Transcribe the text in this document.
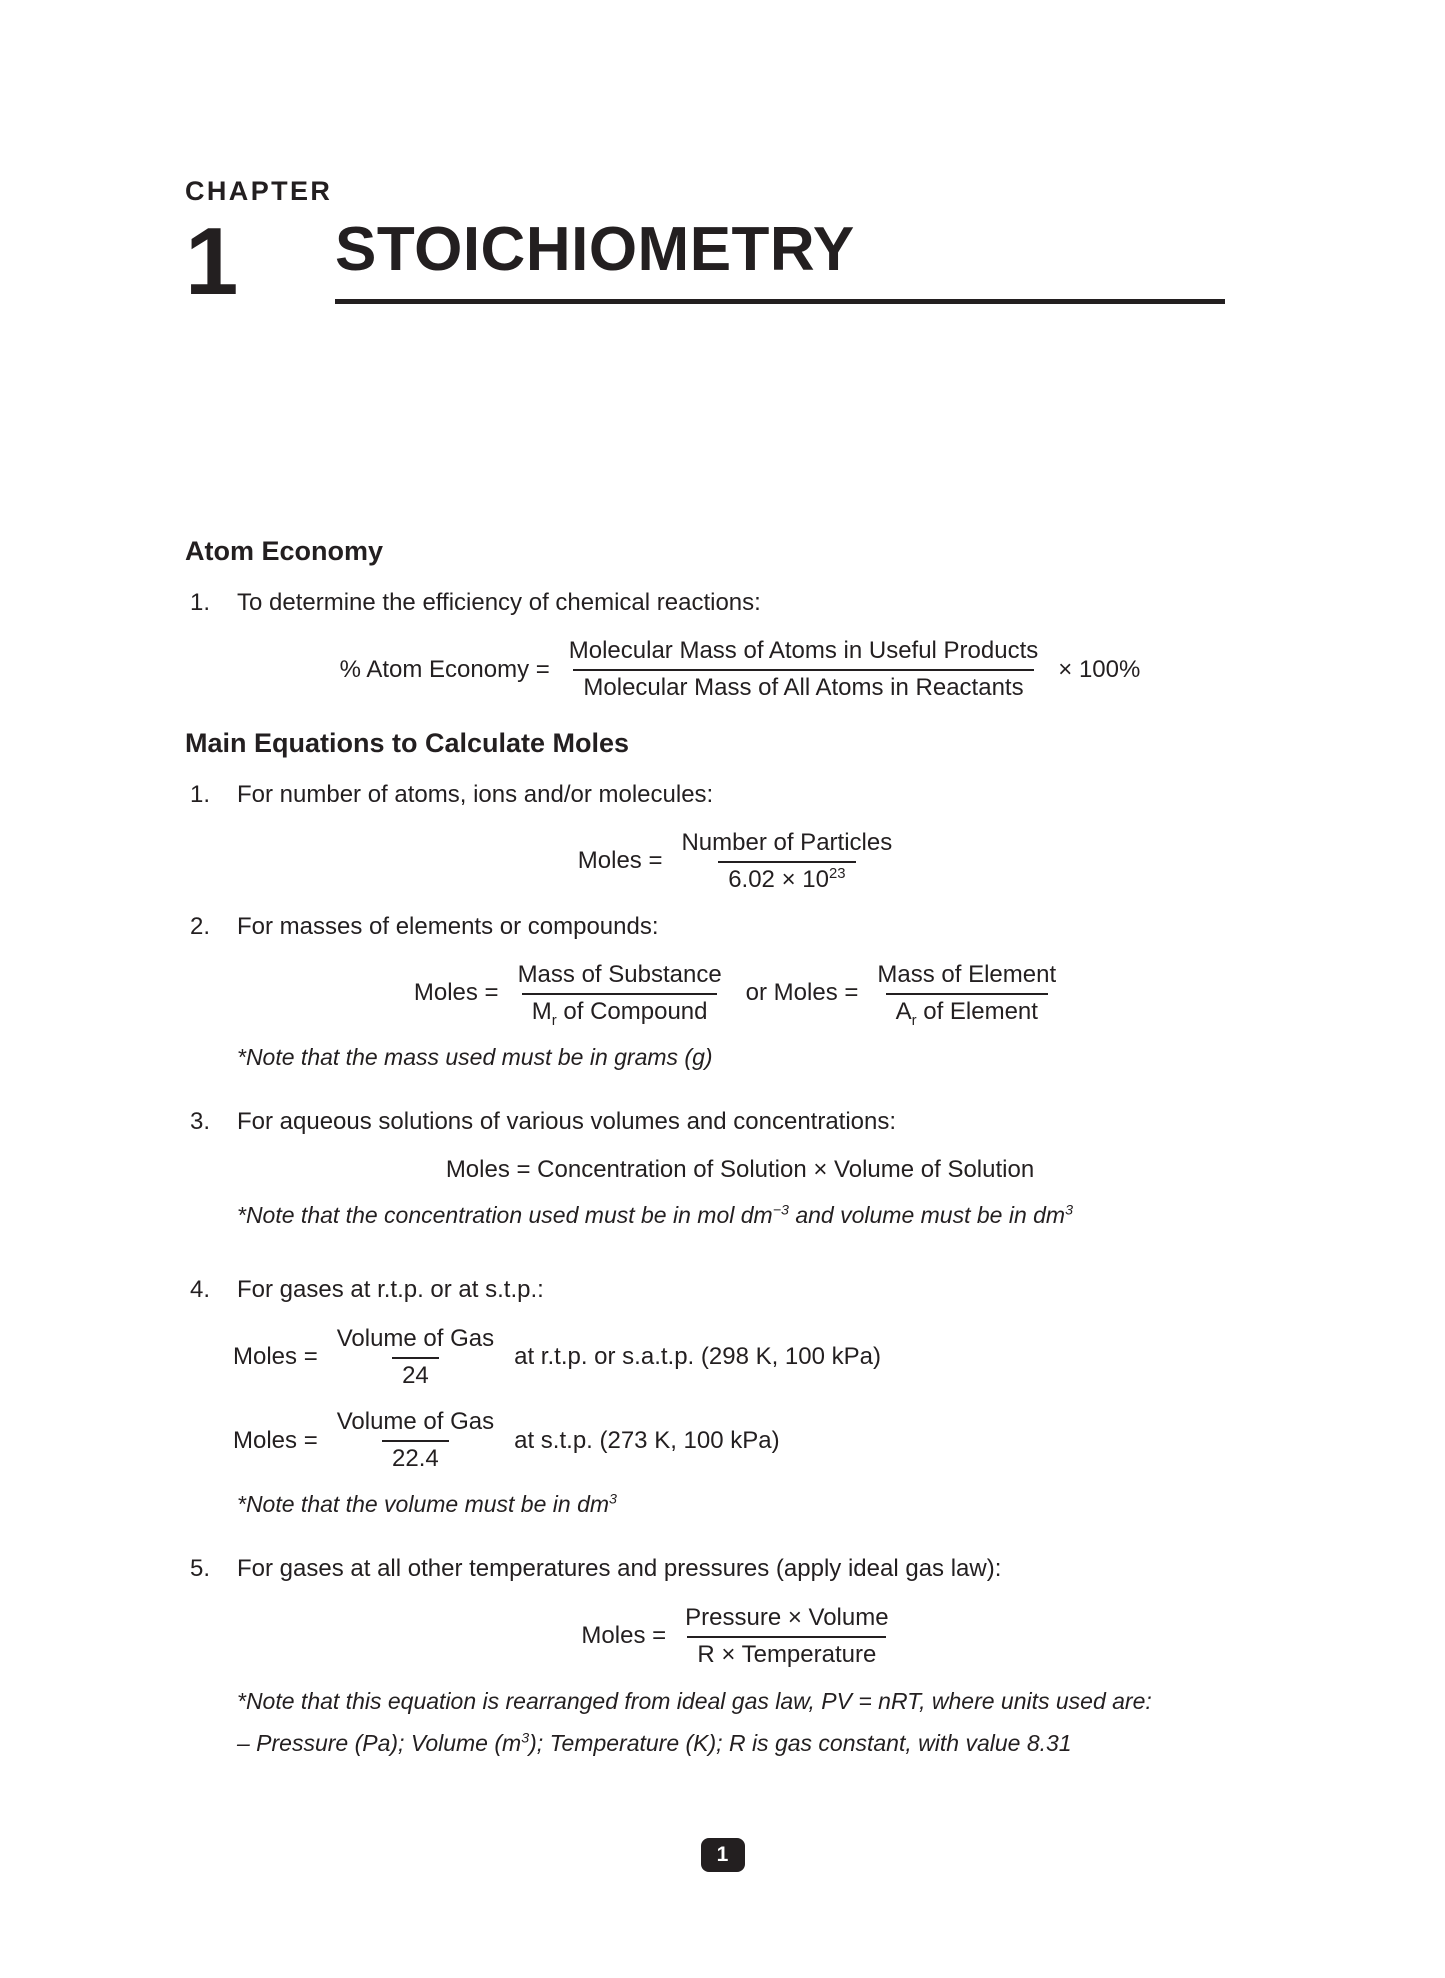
CHAPTER
1	STOICHIOMETRY
Atom Economy
1.	To determine the efficiency of chemical reactions:
% Atom Economy = $\frac{\text{Molecular Mass of Atoms in Useful Products}}{\text{Molecular Mass of All Atoms in Reactants}} \times 100\%$
Main Equations to Calculate Moles
1.	For number of atoms, ions and/or molecules:
Moles = $\frac{\text{Number of Particles}}{6.02 \times 10^{23}}$
2.	For masses of elements or compounds:
Moles = $\frac{\text{Mass of Substance}}{M_r of Compound}$ or Moles = $\frac{\text{Mass of Element}}{A_r of Element}$
*Note that the mass used must be in grams (g)
3.	For aqueous solutions of various volumes and concentrations:
Moles = Concentration of Solution × Volume of Solution
*Note that the concentration used must be in mol $dm^{-3}$ and volume must be in $dm^3$
4.	For gases at r.t.p. or at s.t.p.:
Moles = $\frac{\text{Volume of Gas}}{24}$ at r.t.p. or s.a.t.p. (298 K, 100 kPa)
Moles = $\frac{\text{Volume of Gas}}{22.4}$ at s.t.p. (273 K, 100 kPa)
*Note that the volume must be in $dm^3$
5.	For gases at all other temperatures and pressures (apply ideal gas law):
Moles = $\frac{\text{Pressure × Volume}}{\text{R × Temperature}}$
*Note that this equation is rearranged from ideal gas law, PV = nRT, where units used are:
– Pressure (Pa); Volume $(m^3)$; Temperature (K); R is gas constant, with value 8.31
1
